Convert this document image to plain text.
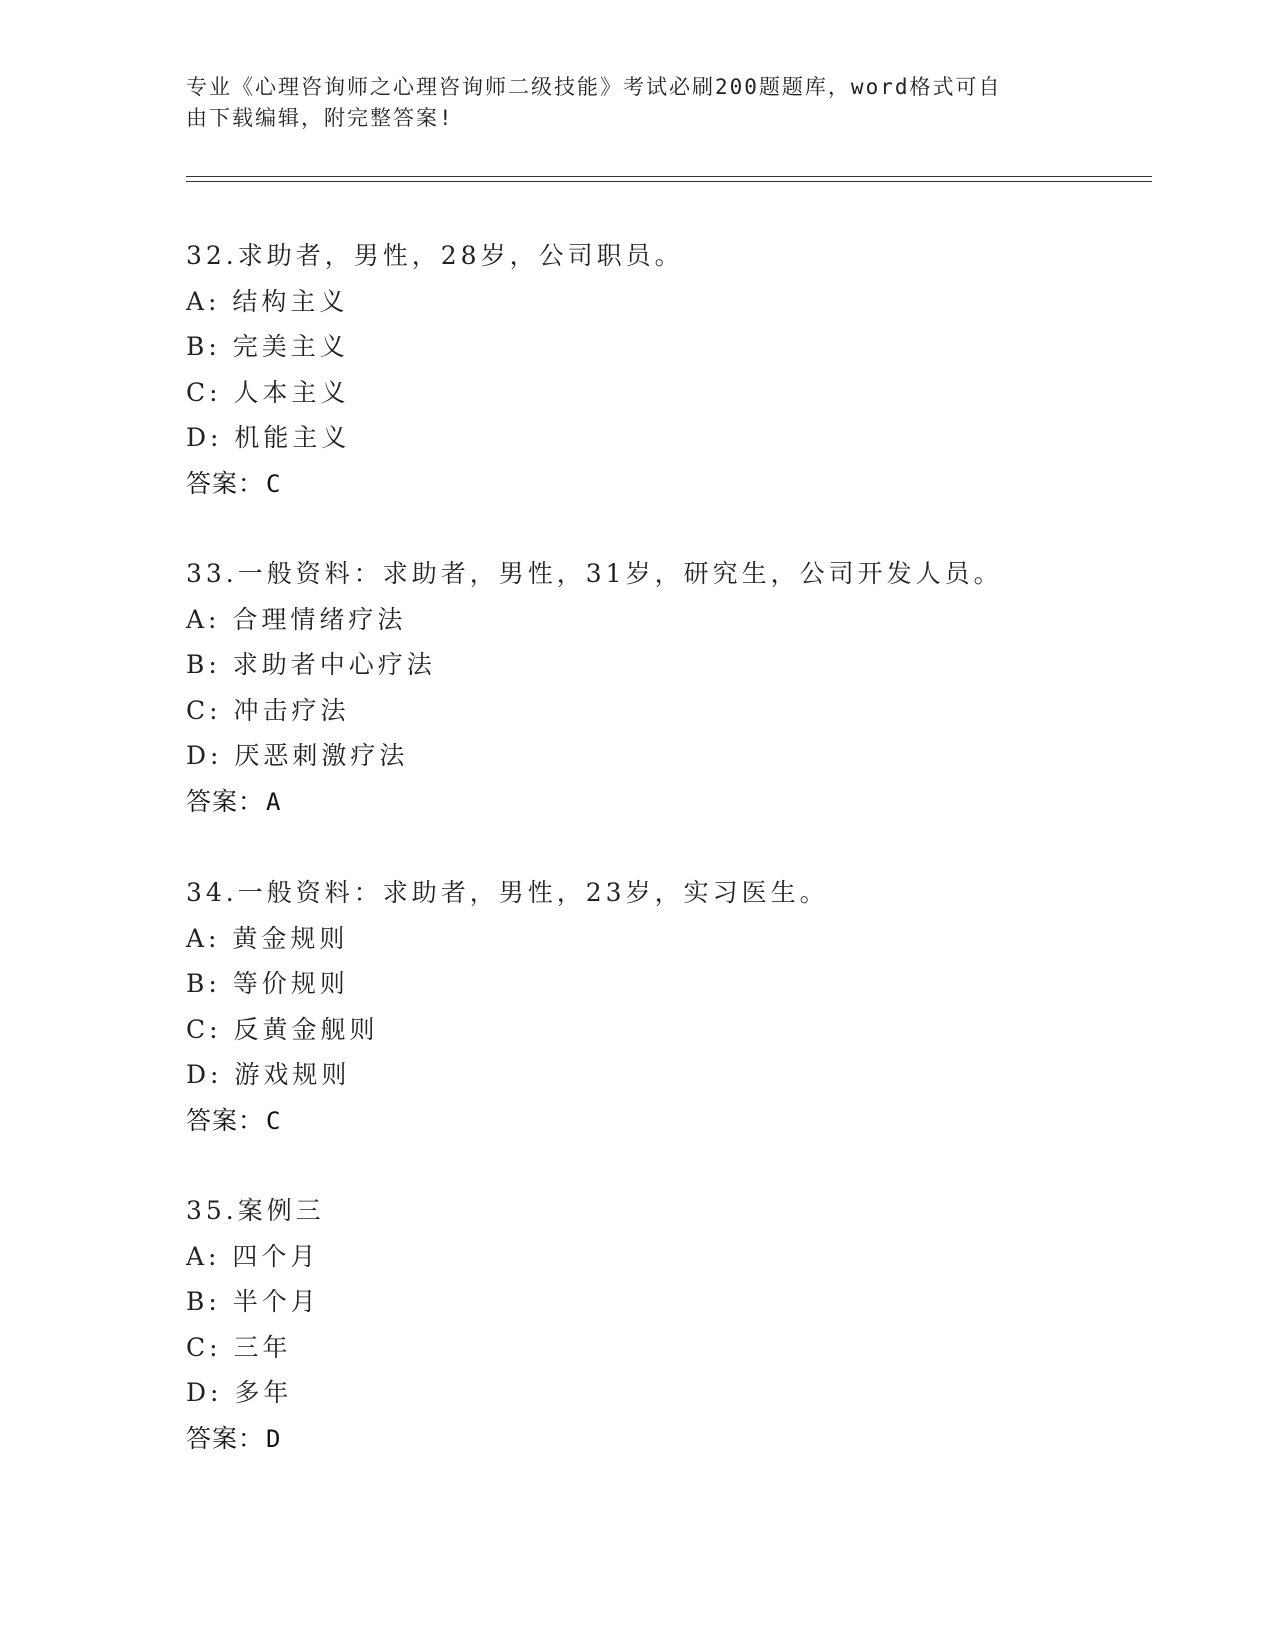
专业《心理咨询师之心理咨询师二级技能》考试必刷200题题库，word格式可自
由下载编辑，附完整答案!
32.求助者，男性，28岁，公司职员。
A: 结构主义
B: 完美主义
C: 人本主义
D: 机能主义
答案：C
33.一般资料：求助者，男性，31岁，研究生，公司开发人员。
A: 合理情绪疗法
B: 求助者中心疗法
C: 冲击疗法
D: 厌恶刺激疗法
答案：A
34.一般资料：求助者，男性，23岁，实习医生。
A: 黄金规则
B: 等价规则
C: 反黄金舰则
D: 游戏规则
答案：C
35.案例三
A: 四个月
B: 半个月
C: 三年
D: 多年
答案：D
